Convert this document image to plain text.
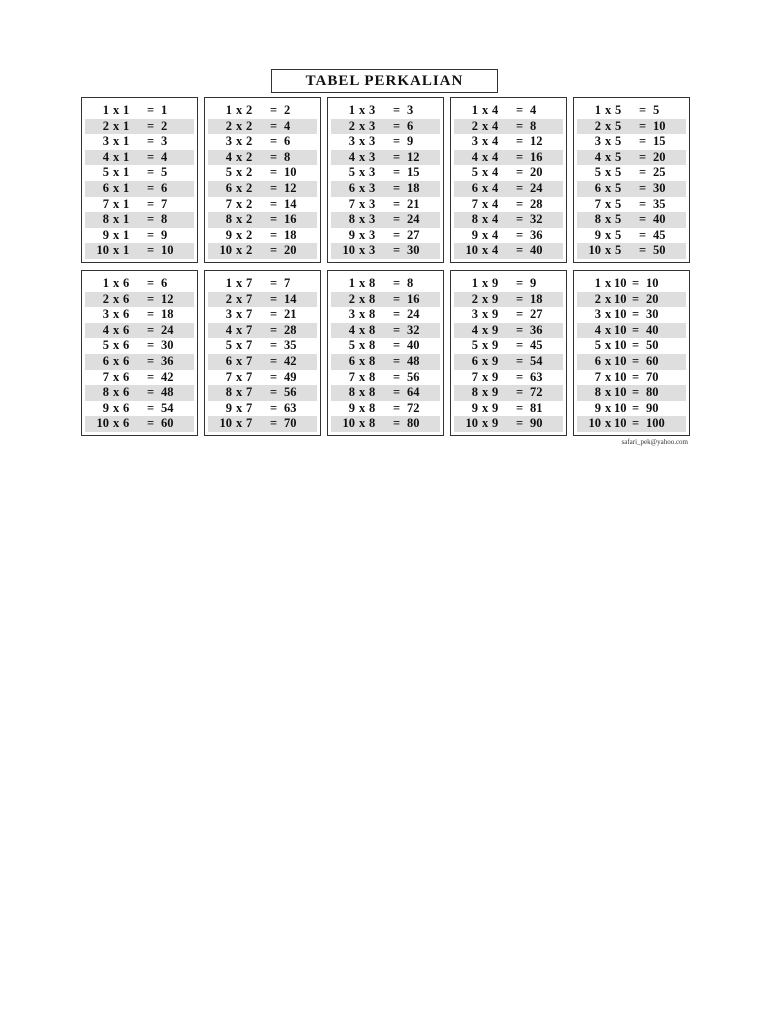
TABEL PERKALIAN
1 x 1 = 1
2 x 1 = 2
3 x 1 = 3
4 x 1 = 4
5 x 1 = 5
6 x 1 = 6
7 x 1 = 7
8 x 1 = 8
9 x 1 = 9
10 x 1 = 10
1 x 2 = 2
2 x 2 = 4
3 x 2 = 6
4 x 2 = 8
5 x 2 = 10
6 x 2 = 12
7 x 2 = 14
8 x 2 = 16
9 x 2 = 18
10 x 2 = 20
1 x 3 = 3
2 x 3 = 6
3 x 3 = 9
4 x 3 = 12
5 x 3 = 15
6 x 3 = 18
7 x 3 = 21
8 x 3 = 24
9 x 3 = 27
10 x 3 = 30
1 x 4 = 4
2 x 4 = 8
3 x 4 = 12
4 x 4 = 16
5 x 4 = 20
6 x 4 = 24
7 x 4 = 28
8 x 4 = 32
9 x 4 = 36
10 x 4 = 40
1 x 5 = 5
2 x 5 = 10
3 x 5 = 15
4 x 5 = 20
5 x 5 = 25
6 x 5 = 30
7 x 5 = 35
8 x 5 = 40
9 x 5 = 45
10 x 5 = 50
1 x 6 = 6
2 x 6 = 12
3 x 6 = 18
4 x 6 = 24
5 x 6 = 30
6 x 6 = 36
7 x 6 = 42
8 x 6 = 48
9 x 6 = 54
10 x 6 = 60
1 x 7 = 7
2 x 7 = 14
3 x 7 = 21
4 x 7 = 28
5 x 7 = 35
6 x 7 = 42
7 x 7 = 49
8 x 7 = 56
9 x 7 = 63
10 x 7 = 70
1 x 8 = 8
2 x 8 = 16
3 x 8 = 24
4 x 8 = 32
5 x 8 = 40
6 x 8 = 48
7 x 8 = 56
8 x 8 = 64
9 x 8 = 72
10 x 8 = 80
1 x 9 = 9
2 x 9 = 18
3 x 9 = 27
4 x 9 = 36
5 x 9 = 45
6 x 9 = 54
7 x 9 = 63
8 x 9 = 72
9 x 9 = 81
10 x 9 = 90
1 x 10 = 10
2 x 10 = 20
3 x 10 = 30
4 x 10 = 40
5 x 10 = 50
6 x 10 = 60
7 x 10 = 70
8 x 10 = 80
9 x 10 = 90
10 x 10 = 100
safari_pek@yahoo.com
